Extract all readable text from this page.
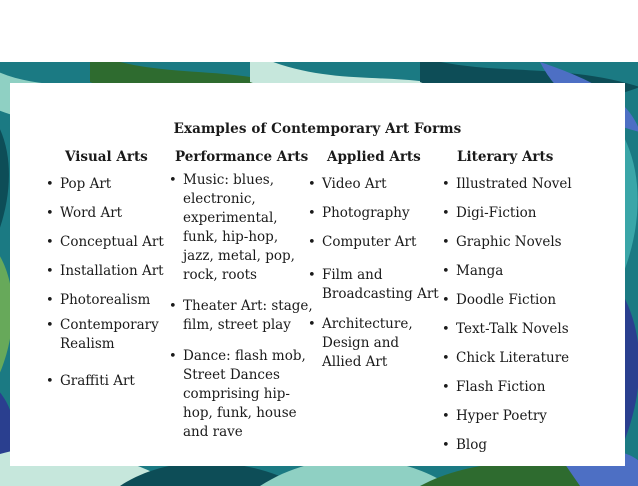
Examples of Contemporary Art Forms
Visual Arts
• Pop Art
• Word Art
• Conceptual Art
• Installation Art
• Photorealism
• Contemporary
Realism
• Graffiti Art
Performance Arts
• Music: blues,
electronic,
experimental,
funk, hip-hop,
jazz, metal, pop,
rock, roots
• Theater Art: stage,
film, street play
• Dance: flash mob,
Street Dances
comprising hip-
hop, funk, house
and rave
Applied Arts
• Video Art
• Photography
• Computer Art
• Film and
Broadcasting Art
• Architecture,
Design and
Allied Art
Literary Arts
• Illustrated Novel
• Digi-Fiction
• Graphic Novels
• Manga
• Doodle Fiction
• Text-Talk Novels
• Chick Literature
• Flash Fiction
• Hyper Poetry
• Blog
